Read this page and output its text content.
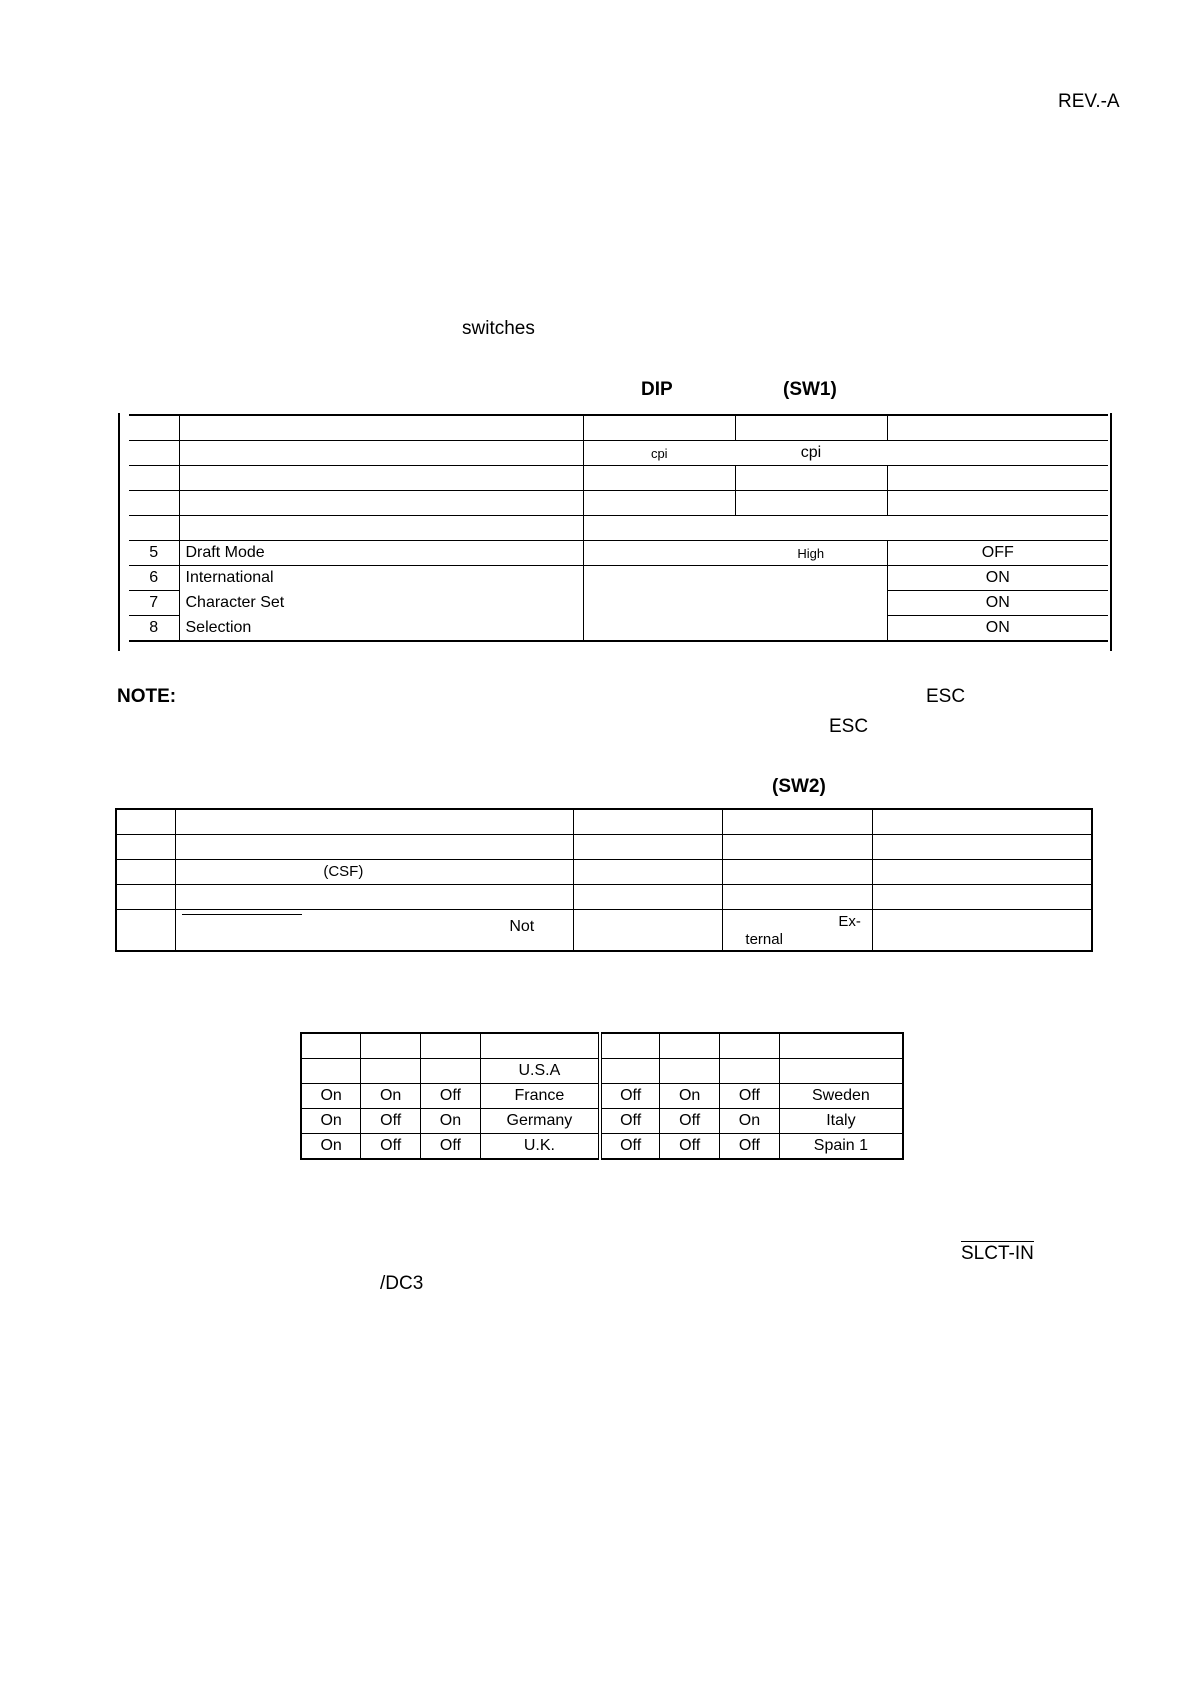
REV.-A
switches
DIP	(SW1)

		cpi	cpi	

5	Draft Mode		High	OFF
6	International			ON
7	Character Set			ON
8	Selection			ON
NOTE:	ESC
ESC
(SW2)

	(CSF)			

	Not		Ex-
ternal	

			U.S.A				
On	On	Off	France	Off	On	Off	Sweden
On	Off	On	Germany	Off	Off	On	Italy
On	Off	Off	U.K.	Off	Off	Off	Spain 1
SLCT-IN
/DC3
